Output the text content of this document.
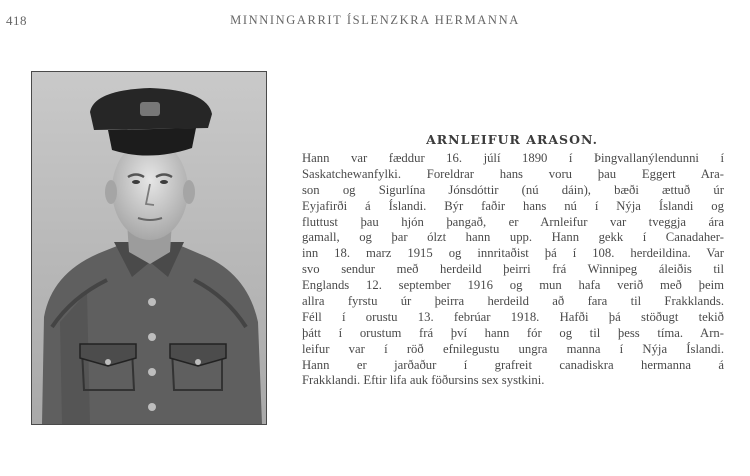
418	MINNINGARRIT ÍSLENZKRA HERMANNA
ARNLEIFUR ARASON.
Hann var fæddur 16. júlí 1890 í Þingvallanýlendunni í
Saskatchewanfylki. Foreldrar hans voru þau Eggert Ara-
son og Sigurlína Jónsdóttir (nú dáin), bæði ættuð úr
Eyjafirði á Íslandi. Býr faðir hans nú í Nýja Íslandi og
fluttust þau hjón þangað, er Arnleifur var tveggja ára
gamall, og þar ólzt hann upp. Hann gekk í Canadaher-
inn 18. marz 1915 og innritaðist þá í 108. herdeildina. Var
svo sendur með herdeild þeirri frá Winnipeg áleiðis til
Englands 12. september 1916 og mun hafa verið með þeim
allra fyrstu úr þeirra herdeild að fara til Frakklands.
Féll í orustu 13. febrúar 1918. Hafði þá stöðugt tekið
þátt í orustum frá því hann fór og til þess tíma. Arn-
leifur var í röð efnilegustu ungra manna í Nýja Íslandi.
Hann er jarðaður í grafreit canadiskra hermanna á
Frakklandi. Eftir lifa auk föðursins sex systkini.
